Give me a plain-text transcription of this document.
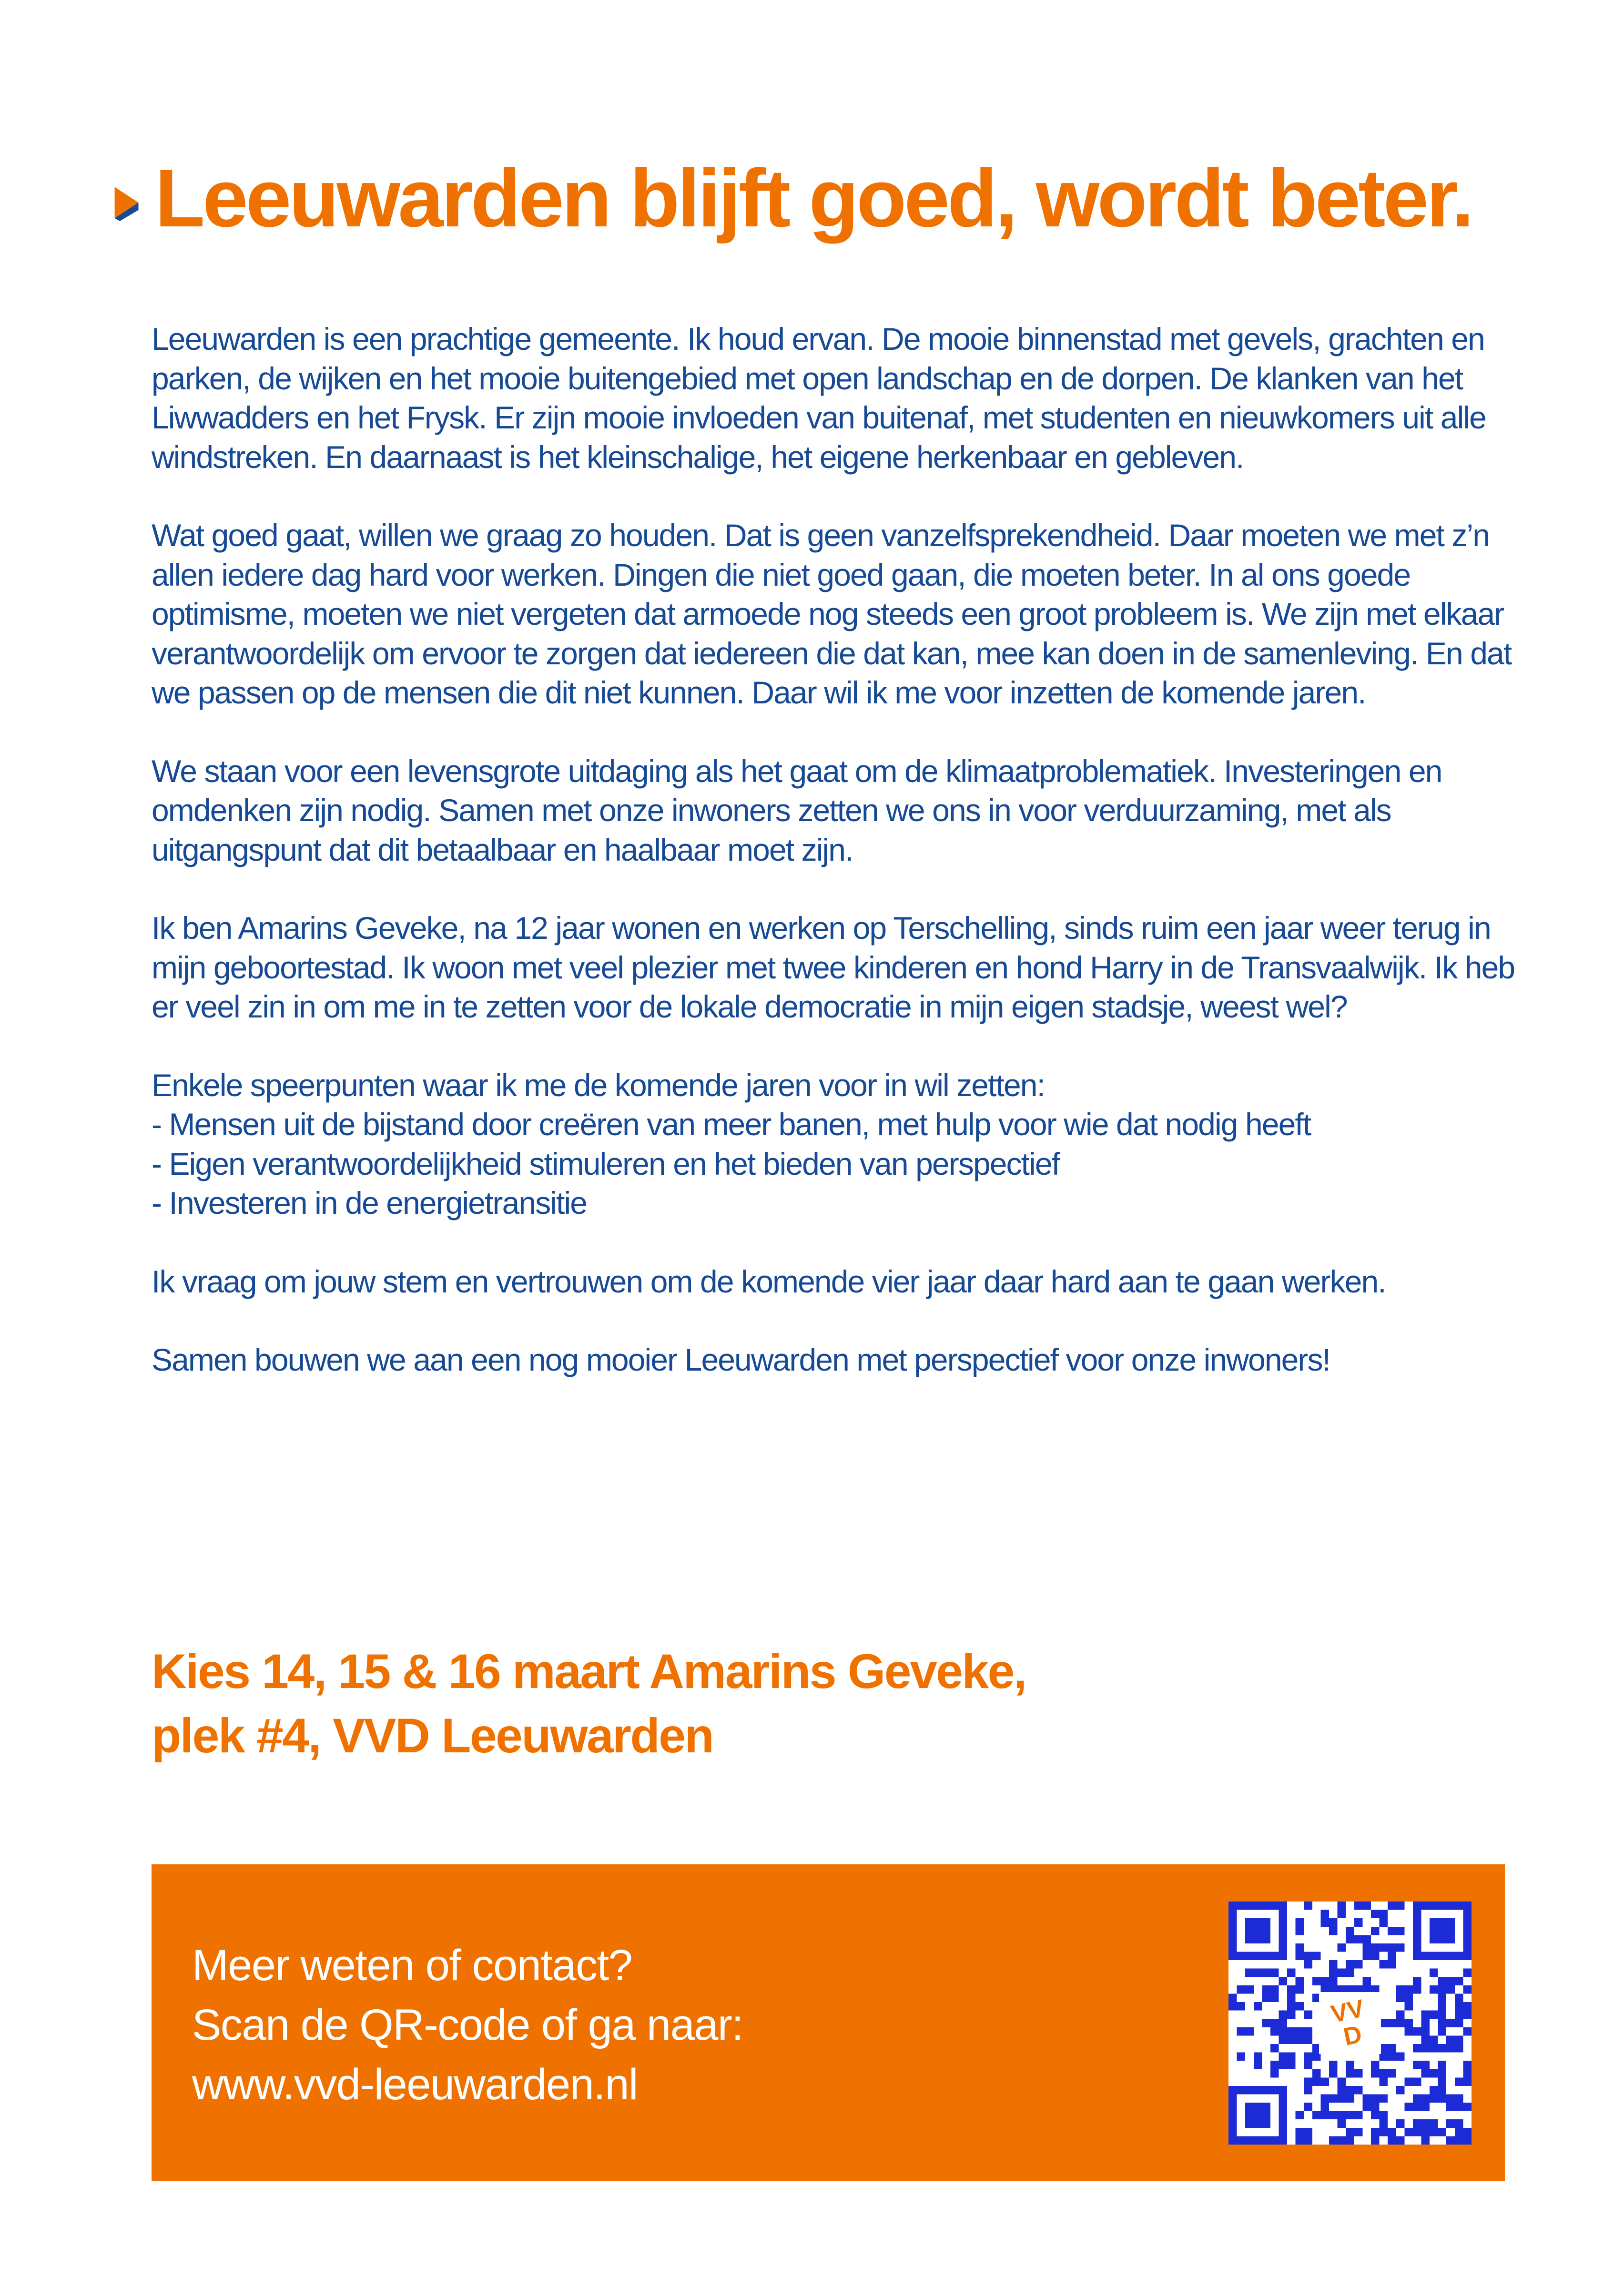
Leeuwarden blijft goed, wordt beter.

Leeuwarden is een prachtige gemeente. Ik houd ervan. De mooie binnenstad met gevels, grachten en parken, de wijken en het mooie buitengebied met open landschap en de dorpen. De klanken van het Liwwadders en het Frysk. Er zijn mooie invloeden van buitenaf, met studenten en nieuwkomers uit alle windstreken. En daarnaast is het kleinschalige, het eigene herkenbaar en gebleven.

Wat goed gaat, willen we graag zo houden. Dat is geen vanzelfsprekendheid. Daar moeten we met z’n allen iedere dag hard voor werken. Dingen die niet goed gaan, die moeten beter. In al ons goede optimisme, moeten we niet vergeten dat armoede nog steeds een groot probleem is. We zijn met elkaar verantwoordelijk om ervoor te zorgen dat iedereen die dat kan, mee kan doen in de samenleving. En dat we passen op de mensen die dit niet kunnen. Daar wil ik me voor inzetten de komende jaren.

We staan voor een levensgrote uitdaging als het gaat om de klimaatproblematiek. Investeringen en omdenken zijn nodig. Samen met onze inwoners zetten we ons in voor verduurzaming, met als uitgangspunt dat dit betaalbaar en haalbaar moet zijn.

Ik ben Amarins Geveke, na 12 jaar wonen en werken op Terschelling, sinds ruim een jaar weer terug in mijn geboortestad. Ik woon met veel plezier met twee kinderen en hond Harry in de Transvaalwijk. Ik heb er veel zin in om me in te zetten voor de lokale democratie in mijn eigen stadsje, weest wel?

Enkele speerpunten waar ik me de komende jaren voor in wil zetten:
- Mensen uit de bijstand door creëren van meer banen, met hulp voor wie dat nodig heeft
- Eigen verantwoordelijkheid stimuleren en het bieden van perspectief
- Investeren in de energietransitie

Ik vraag om jouw stem en vertrouwen om de komende vier jaar daar hard aan te gaan werken.

Samen bouwen we aan een nog mooier Leeuwarden met perspectief voor onze inwoners!

Kies 14, 15 & 16 maart Amarins Geveke,
plek #4, VVD Leeuwarden
Meer weten of contact?
Scan de QR-code of ga naar:
www.vvd-leeuwarden.nl
VV
D
